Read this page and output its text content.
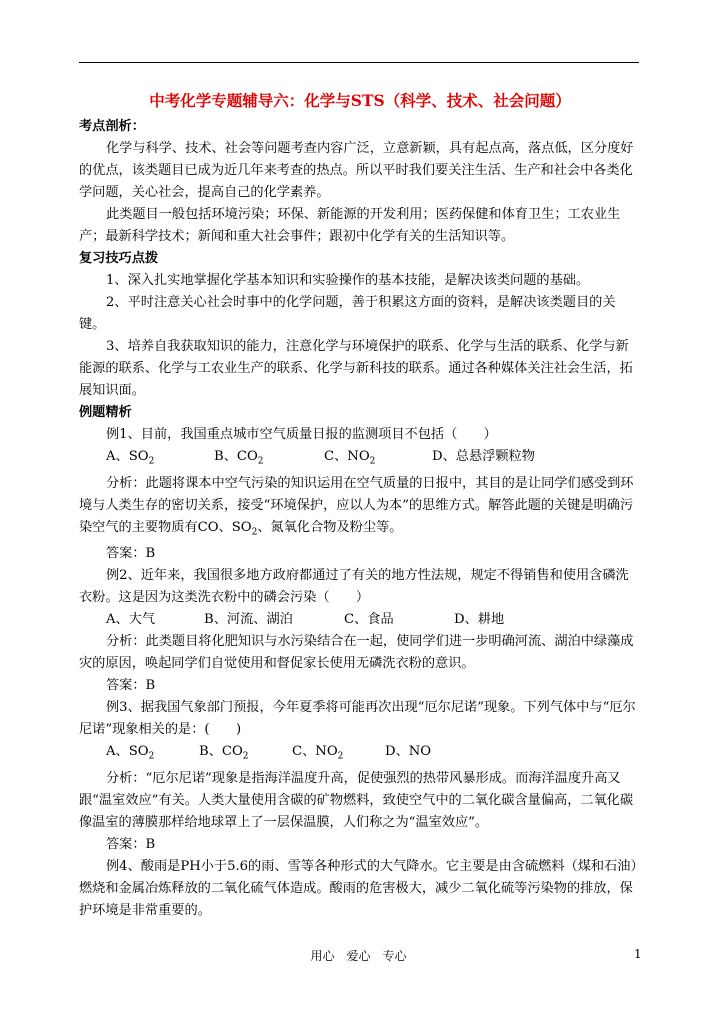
中考化学专题辅导六：化学与STS（科学、技术、社会问题）

考点剖析：

化学与科学、技术、社会等问题考查内容广泛，立意新颖，具有起点高，落点低，区分度好的优点，该类题目已成为近几年来考查的热点。所以平时我们要关注生活、生产和社会中各类化学问题，关心社会，提高自己的化学素养。

此类题目一般包括环境污染；环保、新能源的开发利用；医药保健和体育卫生；工农业生产；最新科学技术；新闻和重大社会事件；跟初中化学有关的生活知识等。

复习技巧点拨

1、深入扎实地掌握化学基本知识和实验操作的基本技能，是解决该类问题的基础。

2、平时注意关心社会时事中的化学问题，善于积累这方面的资料，是解决该类题目的关键。

3、培养自我获取知识的能力，注意化学与环境保护的联系、化学与生活的联系、化学与新能源的联系、化学与工农业生产的联系、化学与新科技的联系。通过各种媒体关注社会生活，拓展知识面。

例题精析

例1、目前，我国重点城市空气质量日报的监测项目不包括（　　）

A、$SO_2$	B、$CO_2$	C、$NO_2$	D、总悬浮颗粒物

分析：此题将课本中空气污染的知识运用在空气质量的日报中，其目的是让同学们感受到环境与人类生存的密切关系，接受“环境保护，应以人为本”的思维方式。解答此题的关键是明确污染空气的主要物质有CO、$SO_2$、氮氧化合物及粉尘等。

答案：B

例2、近年来，我国很多地方政府都通过了有关的地方性法规，规定不得销售和使用含磷洗衣粉。这是因为这类洗衣粉中的磷会污染（　　）

A、大气	B、河流、湖泊	C、食品	D、耕地

分析：此类题目将化肥知识与水污染结合在一起，使同学们进一步明确河流、湖泊中绿藻成灾的原因，唤起同学们自觉使用和督促家长使用无磷洗衣粉的意识。

答案：B

例3、据我国气象部门预报，今年夏季将可能再次出现“厄尔尼诺”现象。下列气体中与“厄尔尼诺”现象相关的是：(　　)

A、$SO_2$	B、$CO_2$	C、$NO_2$	D、NO

分析：“厄尔尼诺”现象是指海洋温度升高，促使强烈的热带风暴形成。而海洋温度升高又跟“温室效应”有关。人类大量使用含碳的矿物燃料，致使空气中的二氧化碳含量偏高，二氧化碳像温室的薄膜那样给地球罩上了一层保温膜，人们称之为“温室效应”。

答案：B

例4、酸雨是PH小于5.6的雨、雪等各种形式的大气降水。它主要是由含硫燃料（煤和石油）燃烧和金属冶炼释放的二氧化硫气体造成。酸雨的危害极大，减少二氧化硫等污染物的排放，保护环境是非常重要的。

用心　爱心　专心	1
